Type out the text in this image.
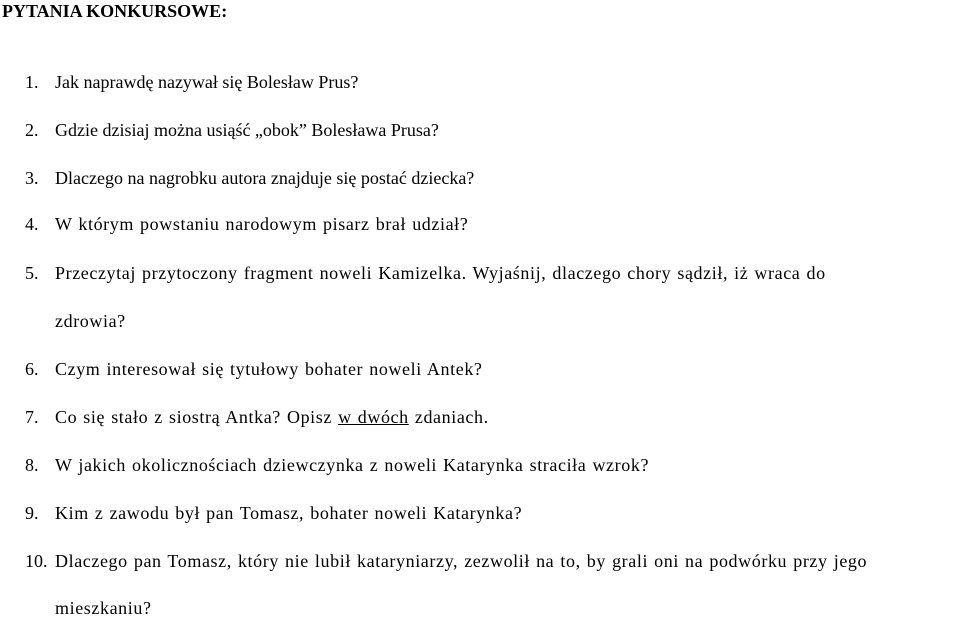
PYTANIA KONKURSOWE:
1. Jak naprawdę nazywał się Bolesław Prus?
2. Gdzie dzisiaj można usiąść „obok” Bolesława Prusa?
3. Dlaczego na nagrobku autora znajduje się postać dziecka?
4. W którym powstaniu narodowym pisarz brał udział?
5. Przeczytaj przytoczony fragment noweli Kamizelka. Wyjaśnij, dlaczego chory sądził, iż wraca do
zdrowia?
6. Czym interesował się tytułowy bohater noweli Antek?
7. Co się stało z siostrą Antka? Opisz w dwóch zdaniach.
8. W jakich okolicznościach dziewczynka z noweli Katarynka straciła wzrok?
9. Kim z zawodu był pan Tomasz, bohater noweli Katarynka?
10. Dlaczego pan Tomasz, który nie lubił kataryniarzy, zezwolił na to, by grali oni na podwórku przy jego
mieszkaniu?
